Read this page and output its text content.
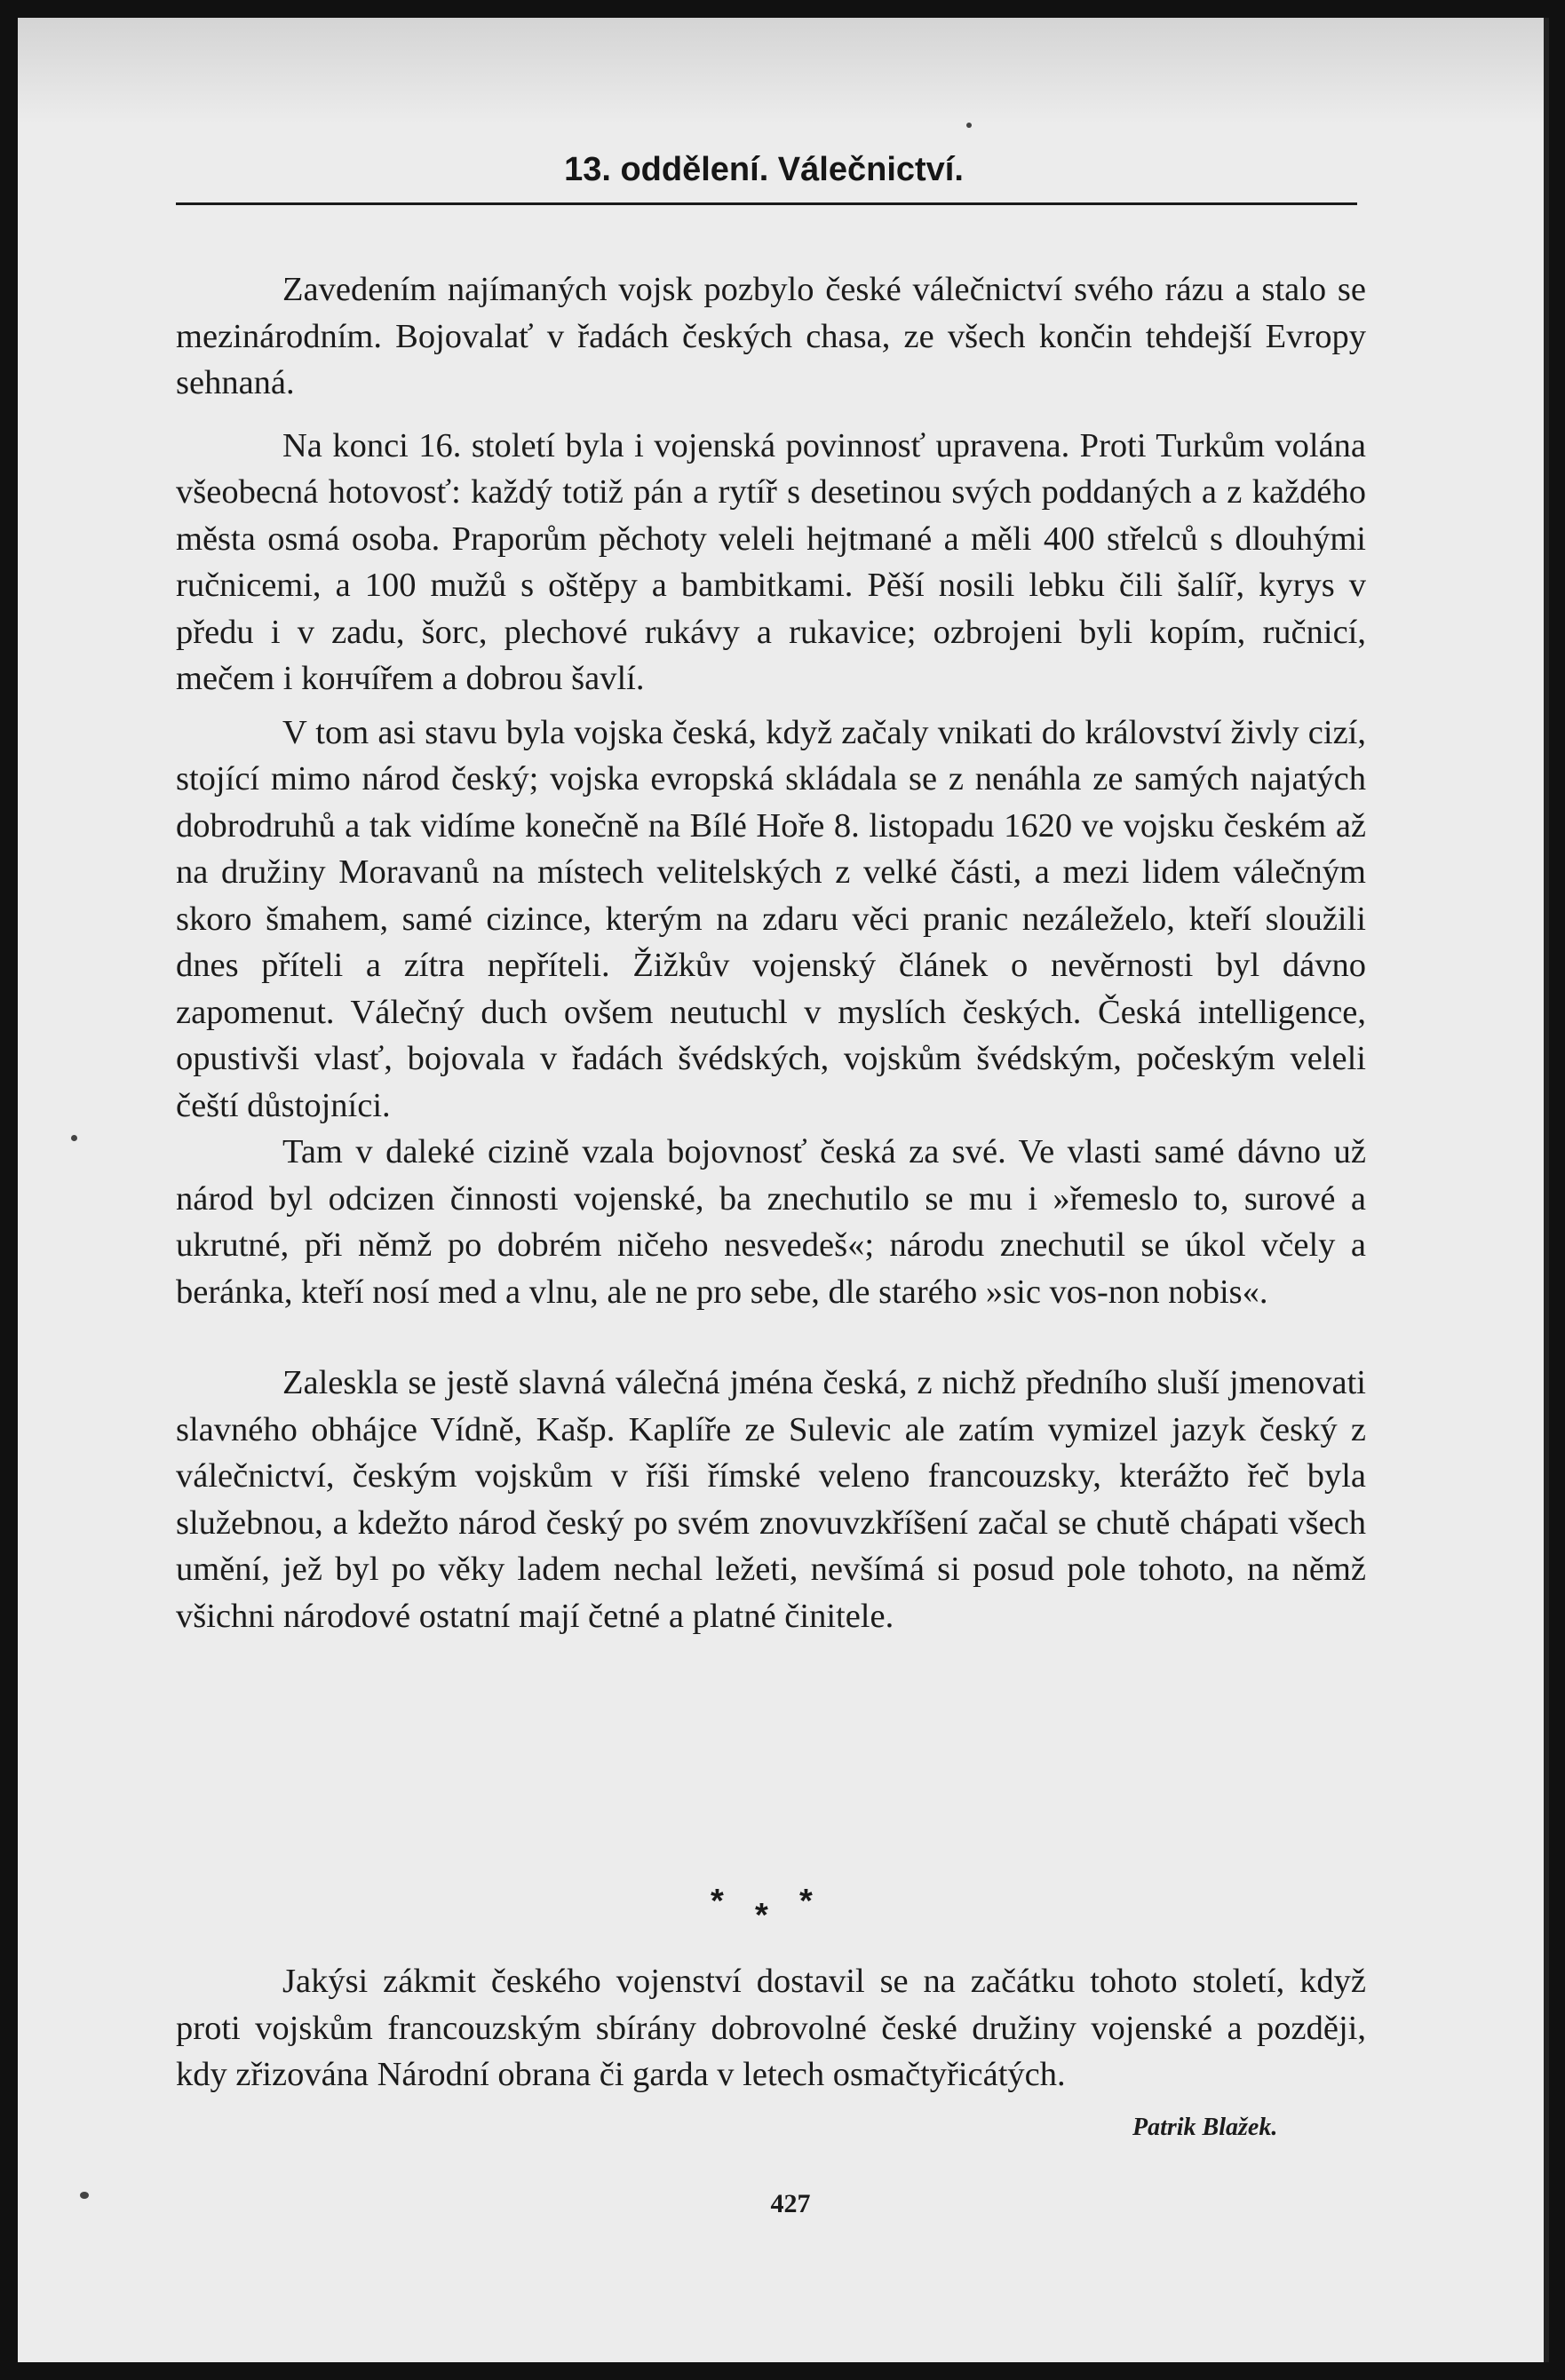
13. oddělení. Válečnictví.

Zavedením najímaných vojsk pozbylo české válečnictví svého rázu a stalo se mezinárodním. Bojovalať v řadách českých chasa, ze všech končin tehdejší Evropy sehnaná.

Na konci 16. století byla i vojenská povinnosť upravena. Proti Turkům volána všeobecná hotovosť: každý totiž pán a rytíř s desetinou svých poddaných a z každého města osmá osoba. Praporům pěchoty veleli hejtmané a měli 400 střelců s dlouhými ručnicemi, a 100 mužů s oštěpy a bambitkami. Pěší nosili lebku čili šalíř, kyrys v předu i v zadu, šorc, plechové rukávy a rukavice; ozbrojeni byli kopím, ručnicí, mečem i kончířem a dobrou šavlí.

V tom asi stavu byla vojska česká, když začaly vnikati do království živly cizí, stojící mimo národ český; vojska evropská skládala se z nenáhla ze samých najatých dobrodruhů a tak vidíme konečně na Bílé Hoře 8. listopadu 1620 ve vojsku českém až na družiny Moravanů na místech velitelských z velké části, a mezi lidem válečným skoro šmahem, samé cizince, kterým na zdaru věci pranic nezáleželo, kteří sloužili dnes příteli a zítra nepříteli. Žižkův vojenský článek o nevěrnosti byl dávno zapomenut. Válečný duch ovšem neutuchl v myslích českých. Česká intelligence, opustivši vlasť, bojovala v řadách švédských, vojskům švédským, počeským veleli čeští důstojníci.

Tam v daleké cizině vzala bojovnosť česká za své. Ve vlasti samé dávno už národ byl odcizen činnosti vojenské, ba znechutilo se mu i »řemeslo to, surové a ukrutné, při němž po dobrém ničeho nesvedeš«; národu znechutil se úkol včely a beránka, kteří nosí med a vlnu, ale ne pro sebe, dle starého »sic vos-non nobis«.

Zaleskla se jestě slavná válečná jména česká, z nichž předního sluší jmenovati slavného obhájce Vídně, Kašp. Kaplíře ze Sulevic ale zatím vymizel jazyk český z válečnictví, českým vojskům v říši římské veleno francouzsky, kterážto řeč byla služebnou, a kdežto národ český po svém znovuvzkříšení začal se chutě chápati všech umění, jež byl po věky ladem nechal ležeti, nevšímá si posud pole tohoto, na němž všichni národové ostatní mají četné a platné činitele.

* * *

Jakýsi zákmit českého vojenství dostavil se na začátku tohoto století, když proti vojskům francouzským sbírány dobrovolné české družiny vojenské a později, kdy zřizována Národní obrana či garda v letech osmačtyřicátých.

Patrik Blažek.
427
